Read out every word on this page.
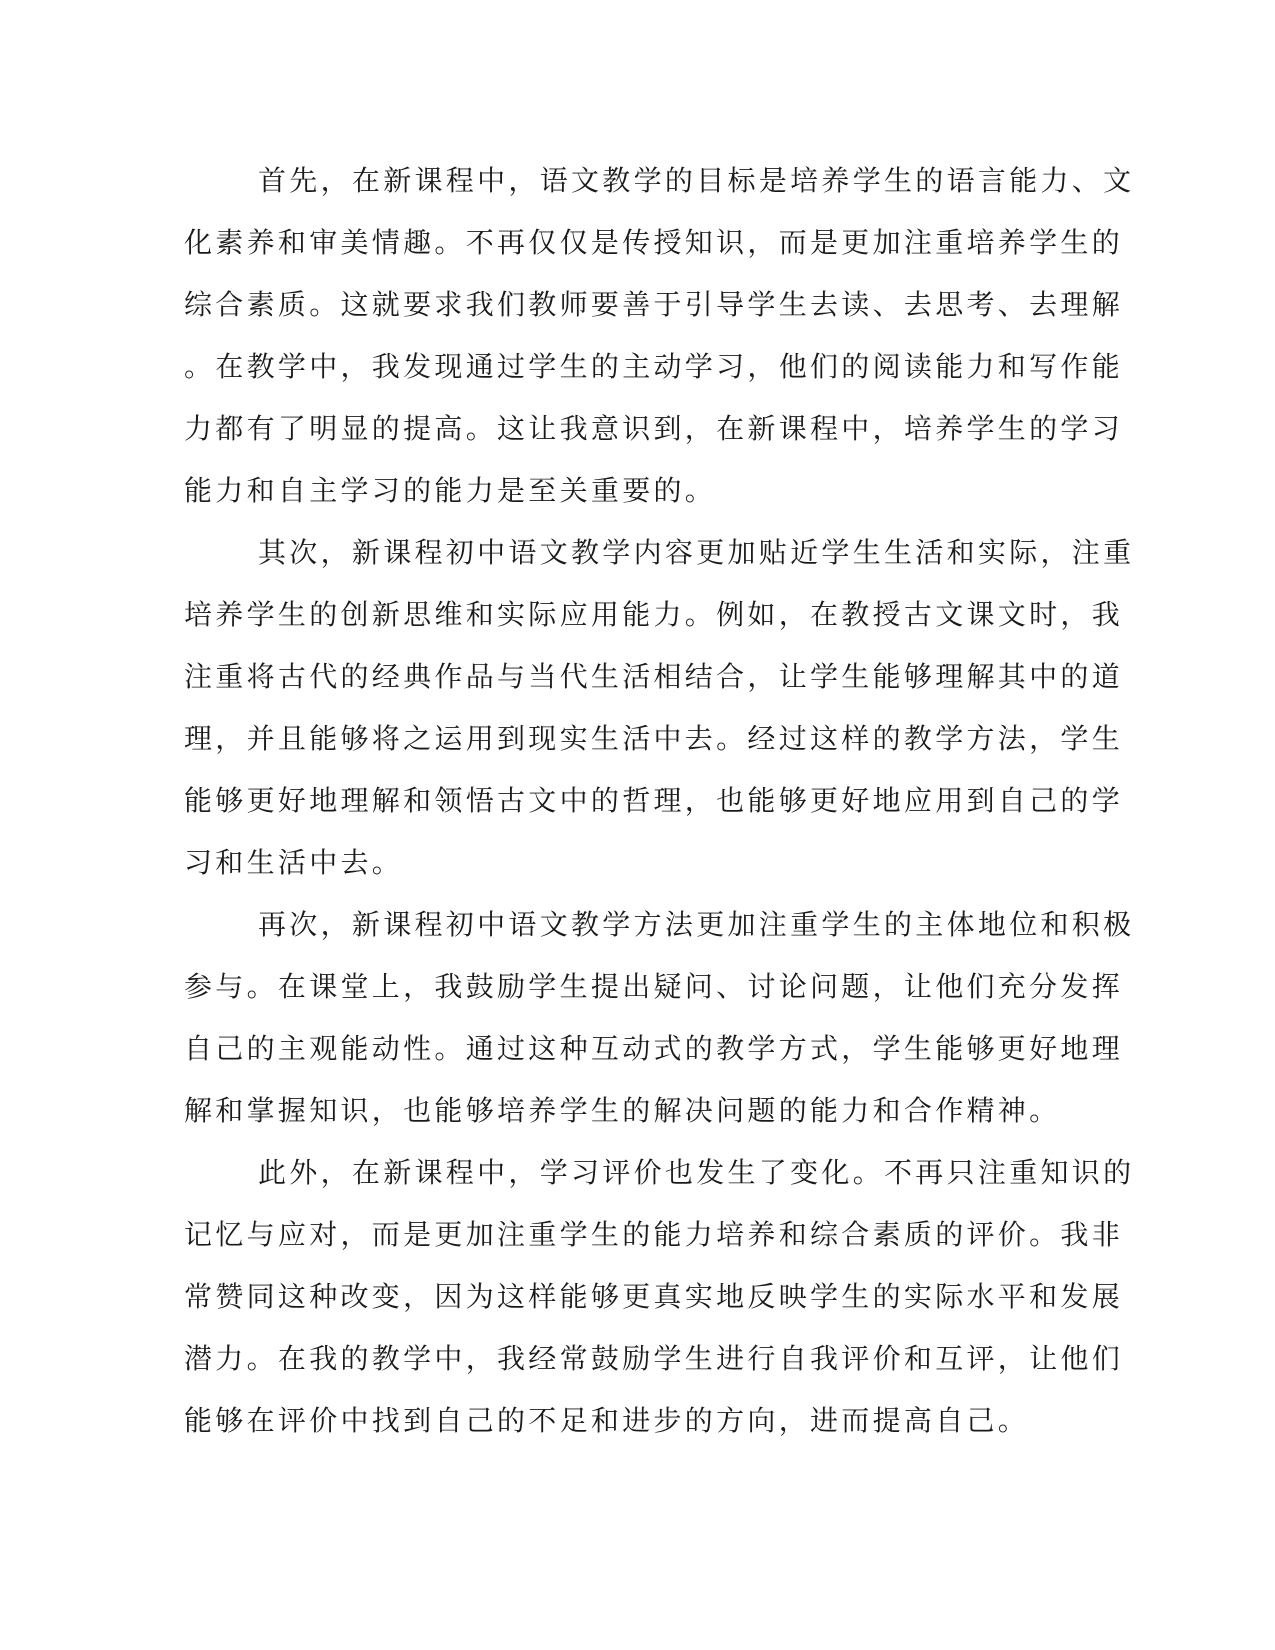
首先，在新课程中，语文教学的目标是培养学生的语言能力、文
化素养和审美情趣。不再仅仅是传授知识，而是更加注重培养学生的
综合素质。这就要求我们教师要善于引导学生去读、去思考、去理解
。在教学中，我发现通过学生的主动学习，他们的阅读能力和写作能
力都有了明显的提高。这让我意识到，在新课程中，培养学生的学习
能力和自主学习的能力是至关重要的。
其次，新课程初中语文教学内容更加贴近学生生活和实际，注重
培养学生的创新思维和实际应用能力。例如，在教授古文课文时，我
注重将古代的经典作品与当代生活相结合，让学生能够理解其中的道
理，并且能够将之运用到现实生活中去。经过这样的教学方法，学生
能够更好地理解和领悟古文中的哲理，也能够更好地应用到自己的学
习和生活中去。
再次，新课程初中语文教学方法更加注重学生的主体地位和积极
参与。在课堂上，我鼓励学生提出疑问、讨论问题，让他们充分发挥
自己的主观能动性。通过这种互动式的教学方式，学生能够更好地理
解和掌握知识，也能够培养学生的解决问题的能力和合作精神。
此外，在新课程中，学习评价也发生了变化。不再只注重知识的
记忆与应对，而是更加注重学生的能力培养和综合素质的评价。我非
常赞同这种改变，因为这样能够更真实地反映学生的实际水平和发展
潜力。在我的教学中，我经常鼓励学生进行自我评价和互评，让他们
能够在评价中找到自己的不足和进步的方向，进而提高自己。
